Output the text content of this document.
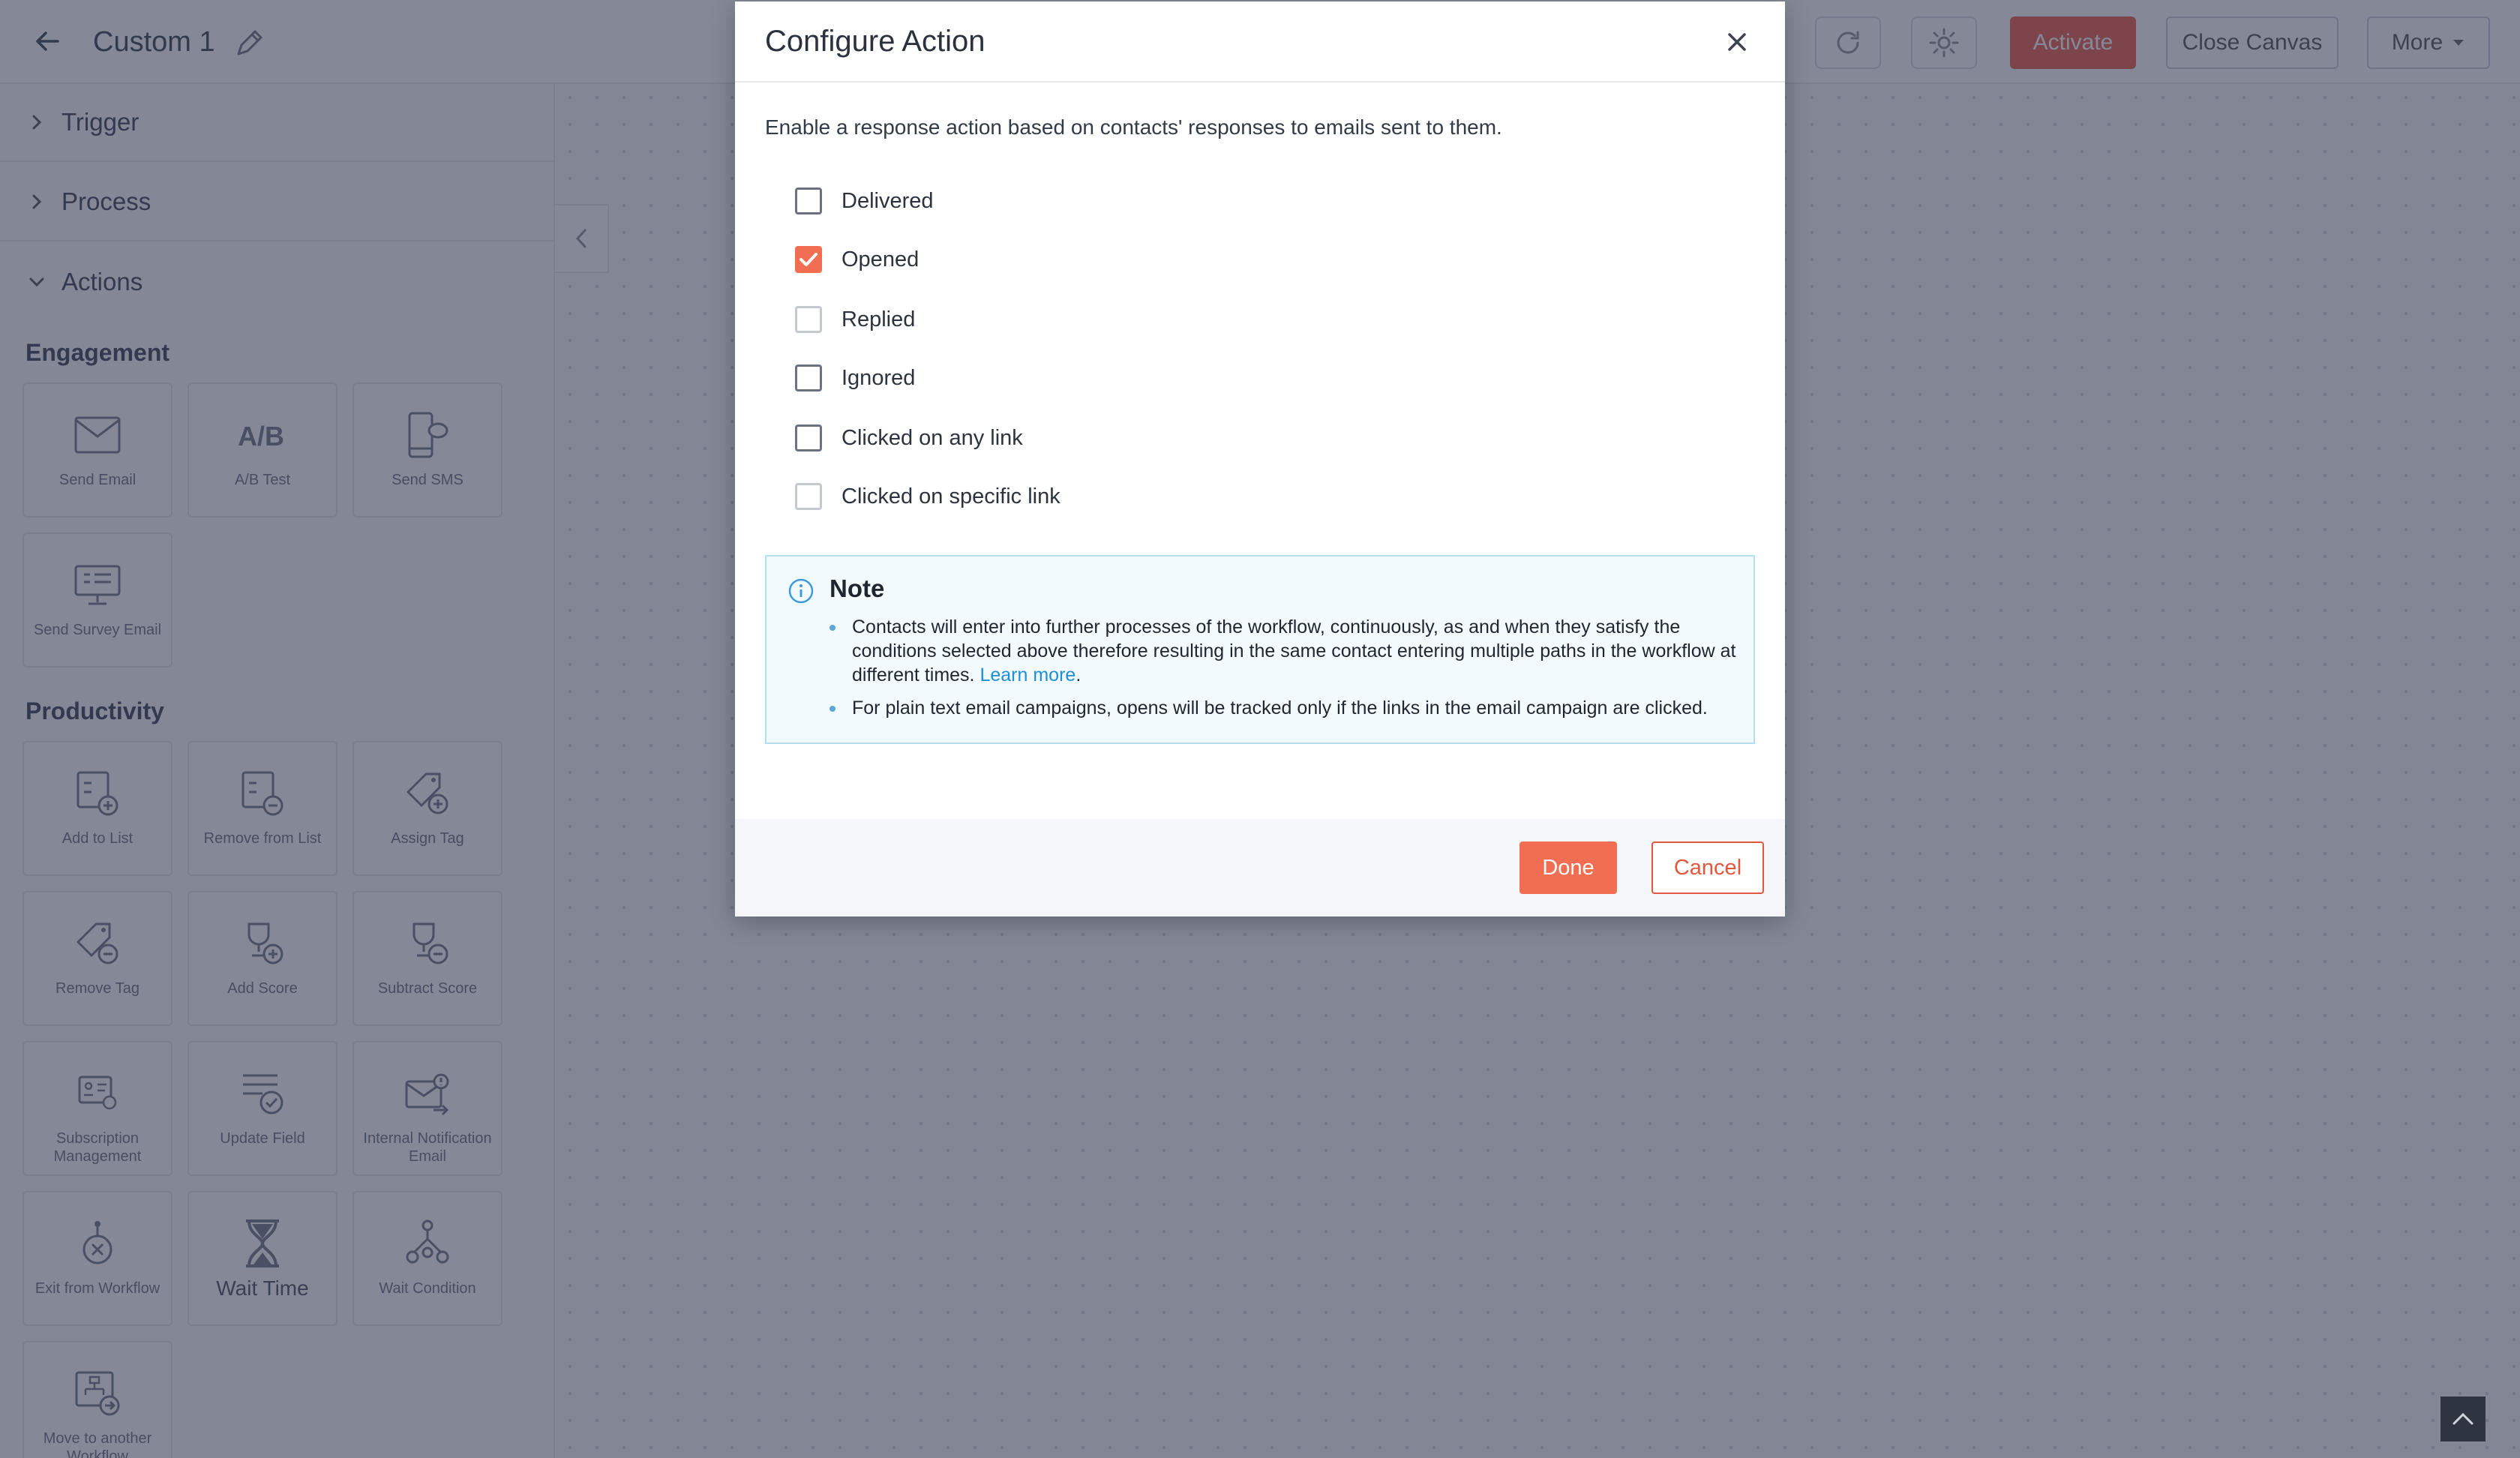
Configure Action
Enable a response action based on contacts' responses to emails sent to them.
Delivered
Opened
Replied
Ignored
Clicked on any link
Clicked on specific link
Note
Contacts will enter into further processes of the workflow, continuously, as and when they satisfy the conditions selected above therefore resulting in the same contact entering multiple paths in the workflow at different times. Learn more.
For plain text email campaigns, opens will be tracked only if the links in the email campaign are clicked.
Done	Cancel
